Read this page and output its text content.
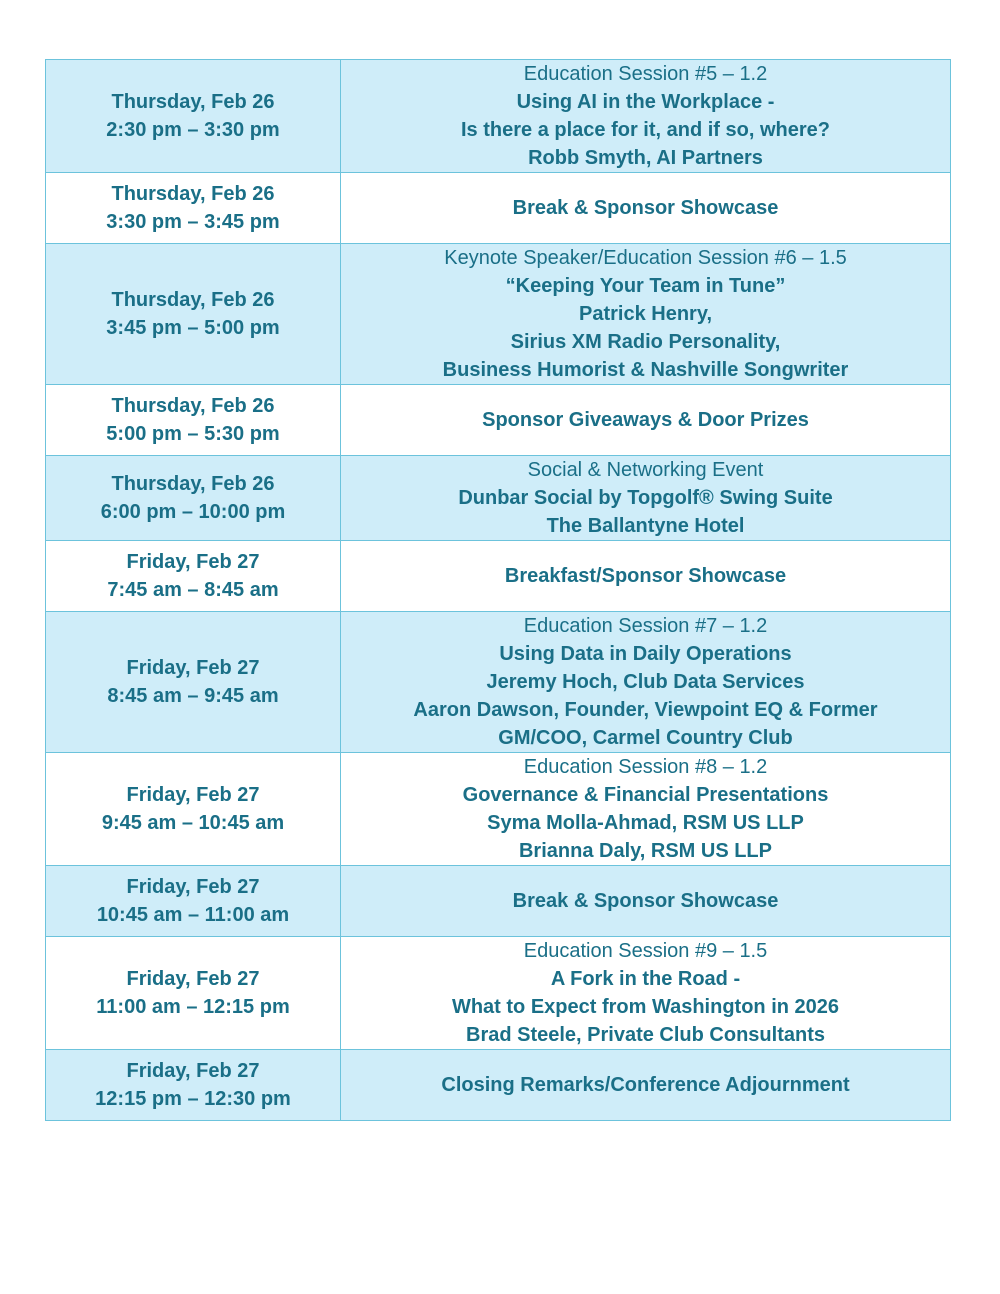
Thursday, Feb 26
2:30 pm – 3:30 pm	Education Session #5 – 1.2
Using AI in the Workplace -
Is there a place for it, and if so, where?
Robb Smyth, AI Partners

Thursday, Feb 26
3:30 pm – 3:45 pm	Break & Sponsor Showcase

Thursday, Feb 26
3:45 pm – 5:00 pm	Keynote Speaker/Education Session #6 – 1.5
“Keeping Your Team in Tune”
Patrick Henry,
Sirius XM Radio Personality,
Business Humorist & Nashville Songwriter

Thursday, Feb 26
5:00 pm – 5:30 pm	Sponsor Giveaways & Door Prizes

Thursday, Feb 26
6:00 pm – 10:00 pm	Social & Networking Event
Dunbar Social by Topgolf® Swing Suite
The Ballantyne Hotel

Friday, Feb 27
7:45 am – 8:45 am	Breakfast/Sponsor Showcase

Friday, Feb 27
8:45 am – 9:45 am	Education Session #7 – 1.2
Using Data in Daily Operations
Jeremy Hoch, Club Data Services
Aaron Dawson, Founder, Viewpoint EQ & Former
GM/COO, Carmel Country Club

Friday, Feb 27
9:45 am – 10:45 am	Education Session #8 – 1.2
Governance & Financial Presentations
Syma Molla-Ahmad, RSM US LLP
Brianna Daly, RSM US LLP

Friday, Feb 27
10:45 am – 11:00 am	Break & Sponsor Showcase

Friday, Feb 27
11:00 am – 12:15 pm	Education Session #9 – 1.5
A Fork in the Road -
What to Expect from Washington in 2026
Brad Steele, Private Club Consultants

Friday, Feb 27
12:15 pm – 12:30 pm	Closing Remarks/Conference Adjournment
